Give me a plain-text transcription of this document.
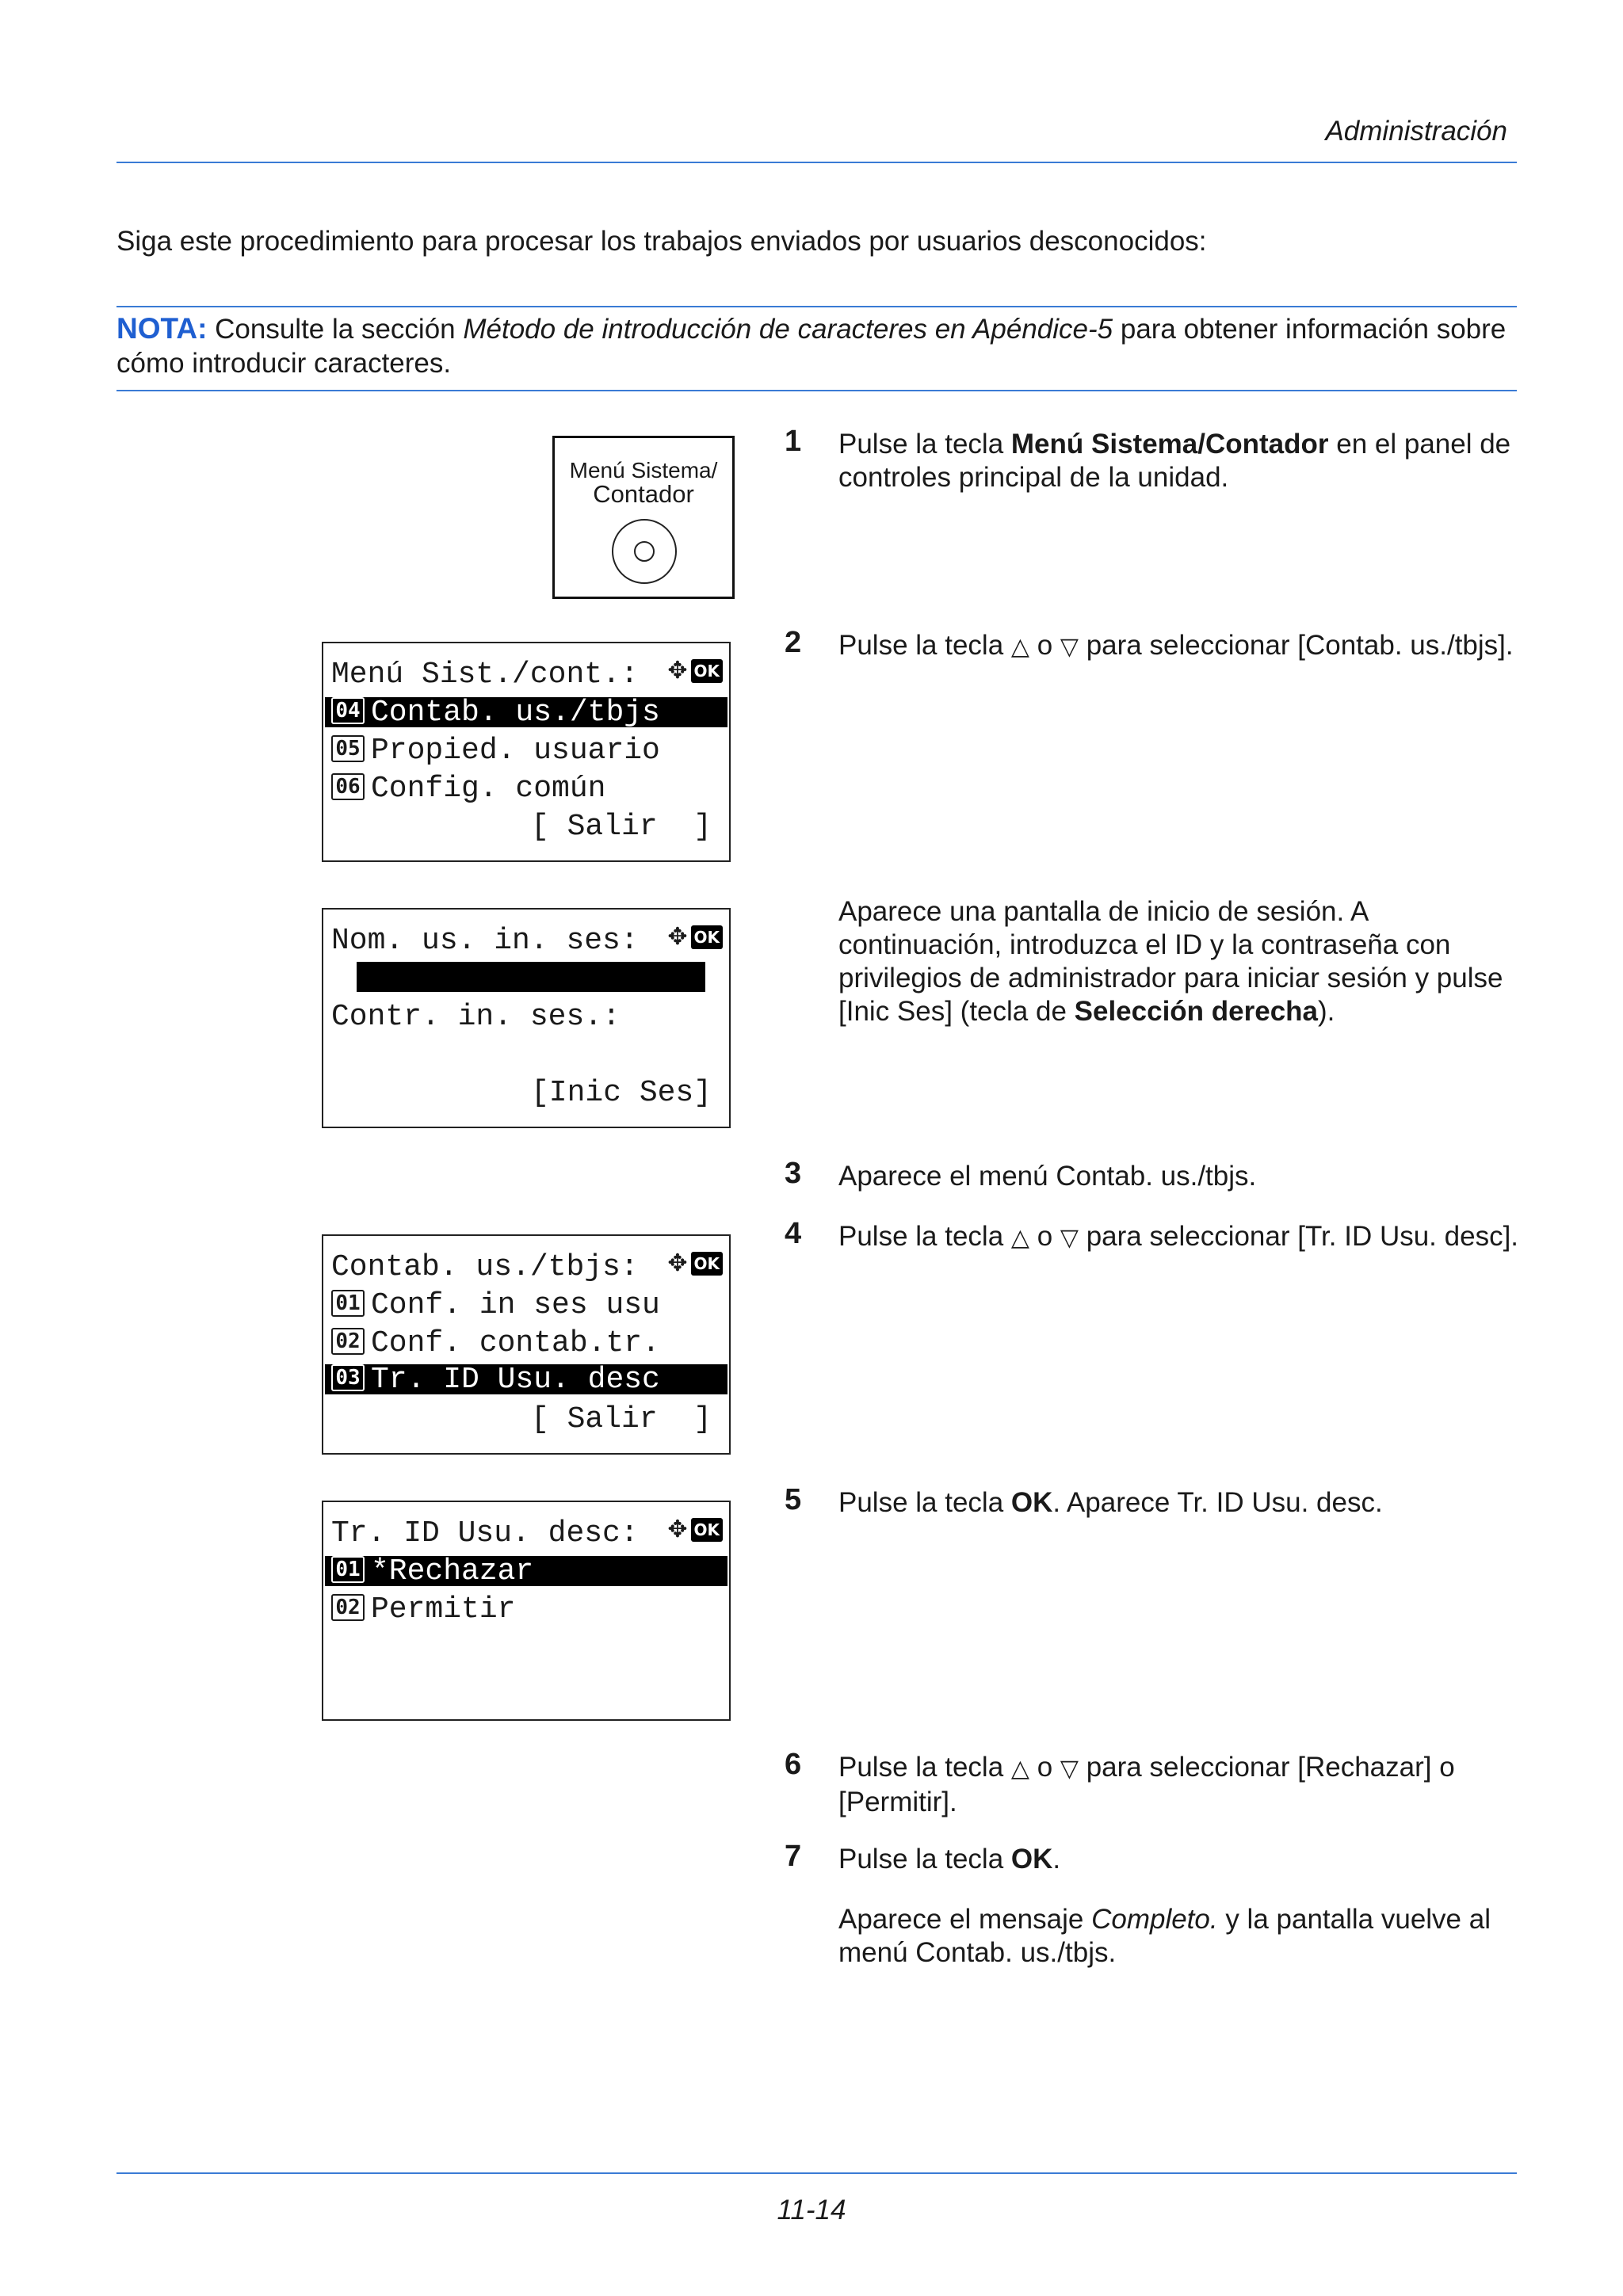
Administración
Siga este procedimiento para procesar los trabajos enviados por usuarios desconocidos:
NOTA: Consulte la sección Método de introducción de caracteres en Apéndice-5 para obtener información sobre cómo introducir caracteres.
Menú Sistema/
Contador
Menú Sist./cont.:	✥ OK
04 Contab. us./tbjs
05 Propied. usuario
06 Config. común
[ Salir  ]
Nom. us. in. ses:	✥ OK
Contr. in. ses.:
[Inic Ses]
Contab. us./tbjs:	✥ OK
01 Conf. in ses usu
02 Conf. contab.tr.
03 Tr. ID Usu. desc
[ Salir  ]
Tr. ID Usu. desc:	✥ OK
01 *Rechazar
02 Permitir
1 Pulse la tecla Menú Sistema/Contador en el panel de controles principal de la unidad.
2 Pulse la tecla △ o ▽ para seleccionar [Contab. us./tbjs].
Aparece una pantalla de inicio de sesión. A continuación, introduzca el ID y la contraseña con privilegios de administrador para iniciar sesión y pulse [Inic Ses] (tecla de Selección derecha).
3 Aparece el menú Contab. us./tbjs.
4 Pulse la tecla △ o ▽ para seleccionar [Tr. ID Usu. desc].
5 Pulse la tecla OK. Aparece Tr. ID Usu. desc.
6 Pulse la tecla △ o ▽ para seleccionar [Rechazar] o [Permitir].
7 Pulse la tecla OK.
Aparece el mensaje Completo. y la pantalla vuelve al menú Contab. us./tbjs.
11-14
